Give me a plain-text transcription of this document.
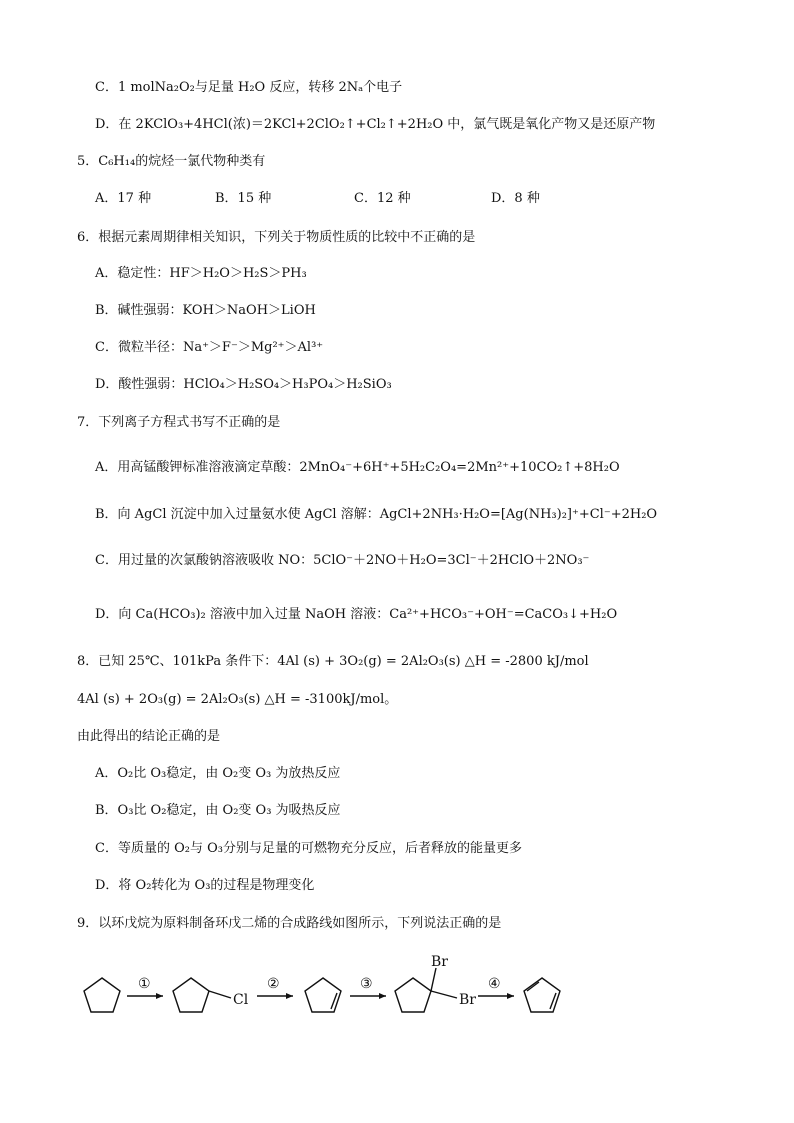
C．1 molNa₂O₂与足量 H₂O 反应，转移 2Nₐ个电子
D．在 2KClO₃+4HCl(浓)＝2KCl+2ClO₂↑+Cl₂↑+2H₂O 中，氯气既是氧化产物又是还原产物
5．C₆H₁₄的烷烃一氯代物种类有
A．17 种	B．15 种	C．12 种	D．8 种
6．根据元素周期律相关知识，下列关于物质性质的比较中不正确的是
A．稳定性：HF＞H₂O＞H₂S＞PH₃
B．碱性强弱：KOH＞NaOH＞LiOH
C．微粒半径：Na⁺＞F⁻＞Mg²⁺＞Al³⁺
D．酸性强弱：HClO₄＞H₂SO₄＞H₃PO₄＞H₂SiO₃
7．下列离子方程式书写不正确的是
A．用高锰酸钾标准溶液滴定草酸：2MnO₄⁻+6H⁺+5H₂C₂O₄=2Mn²⁺+10CO₂↑+8H₂O
B．向 AgCl 沉淀中加入过量氨水使 AgCl 溶解：AgCl+2NH₃·H₂O=[Ag(NH₃)₂]⁺+Cl⁻+2H₂O
C．用过量的次氯酸钠溶液吸收 NO：5ClO⁻＋2NO＋H₂O=3Cl⁻＋2HClO＋2NO₃⁻
D．向 Ca(HCO₃)₂ 溶液中加入过量 NaOH 溶液：Ca²⁺+HCO₃⁻+OH⁻=CaCO₃↓+H₂O
8．已知 25℃、101kPa 条件下：4Al (s) + 3O₂(g) = 2Al₂O₃(s) △H = -2800 kJ/mol
4Al (s) + 2O₃(g) = 2Al₂O₃(s) △H = -3100kJ/mol。
由此得出的结论正确的是
A．O₂比 O₃稳定，由 O₂变 O₃ 为放热反应
B．O₃比 O₂稳定，由 O₂变 O₃ 为吸热反应
C．等质量的 O₂与 O₃分别与足量的可燃物充分反应，后者释放的能量更多
D．将 O₂转化为 O₃的过程是物理变化
9．以环戊烷为原料制备环戊二烯的合成路线如图所示，下列说法正确的是
①	②	③	④
Cl
Br
Br
